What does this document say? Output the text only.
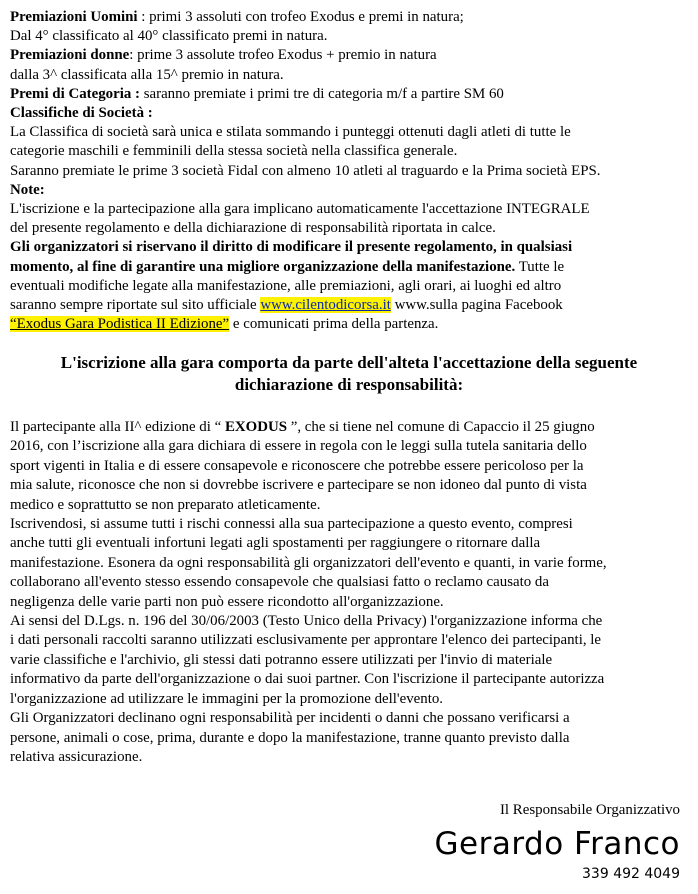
Premiazioni Uomini : primi 3 assoluti con trofeo Exodus e premi in natura;
Dal 4° classificato al 40° classificato premi in natura.
Premiazioni donne: prime 3 assolute trofeo Exodus + premio in natura
dalla 3^ classificata alla 15^ premio in natura.
Premi di Categoria : saranno premiate i primi tre di categoria m/f a partire SM 60
Classifiche di Società :
La Classifica di società sarà unica e stilata sommando i punteggi ottenuti dagli atleti di tutte le
categorie maschili e femminili della stessa società nella classifica generale.
Saranno premiate le prime 3 società Fidal con almeno 10 atleti al traguardo e la Prima società EPS.
Note:
L'iscrizione e la partecipazione alla gara implicano automaticamente l'accettazione INTEGRALE
del presente regolamento e della dichiarazione di responsabilità riportata in calce.
Gli organizzatori si riservano il diritto di modificare il presente regolamento, in qualsiasi
momento, al fine di garantire una migliore organizzazione della manifestazione. Tutte le
eventuali modifiche legate alla manifestazione, alle premiazioni, agli orari, ai luoghi ed altro
saranno sempre riportate sul sito ufficiale www.cilentodicorsa.it www.sulla pagina Facebook
“Exodus Gara Podistica II Edizione” e comunicati prima della partenza.
L'iscrizione alla gara comporta da parte dell'alteta l'accettazione della seguente
dichiarazione di responsabilità:
Il partecipante alla II^ edizione di “ EXODUS ”, che si tiene nel comune di Capaccio il 25 giugno
2016, con l’iscrizione alla gara dichiara di essere in regola con le leggi sulla tutela sanitaria dello
sport vigenti in Italia e di essere consapevole e riconoscere che potrebbe essere pericoloso per la
mia salute, riconosce che non si dovrebbe iscrivere e partecipare se non idoneo dal punto di vista
medico e soprattutto se non preparato atleticamente.
Iscrivendosi, si assume tutti i rischi connessi alla sua partecipazione a questo evento, compresi
anche tutti gli eventuali infortuni legati agli spostamenti per raggiungere o ritornare dalla
manifestazione. Esonera da ogni responsabilità gli organizzatori dell'evento e quanti, in varie forme,
collaborano all'evento stesso essendo consapevole che qualsiasi fatto o reclamo causato da
negligenza delle varie parti non può essere ricondotto all'organizzazione.
Ai sensi del D.Lgs. n. 196 del 30/06/2003 (Testo Unico della Privacy) l'organizzazione informa che
i dati personali raccolti saranno utilizzati esclusivamente per approntare l'elenco dei partecipanti, le
varie classifiche e l'archivio, gli stessi dati potranno essere utilizzati per l'invio di materiale
informativo da parte dell'organizzazione o dai suoi partner. Con l'iscrizione il partecipante autorizza
l'organizzazione ad utilizzare le immagini per la promozione dell'evento.
Gli Organizzatori declinano ogni responsabilità per incidenti o danni che possano verificarsi a
persone, animali o cose, prima, durante e dopo la manifestazione, tranne quanto previsto dalla
relativa assicurazione.
Il Responsabile Organizzativo
Gerardo Franco
339 492 4049
